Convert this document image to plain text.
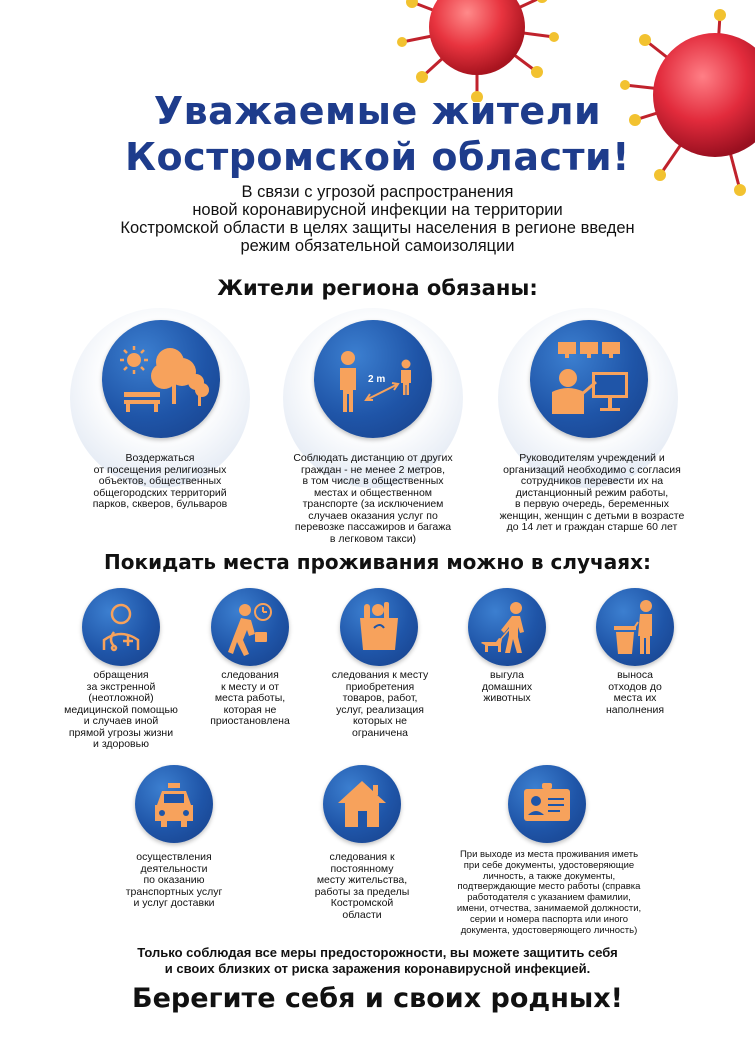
Уважаемые жители
Костромской области!
В связи с угрозой распространения
новой коронавирусной инфекции на территории
Костромской области в целях защиты населения в регионе введен
режим обязательной самоизоляции
Жители региона обязаны:
Воздержаться
от посещения религиозных
объектов, общественных
общегородских территорий
парков, скверов, бульваров
2 m
Соблюдать дистанцию от других
граждан - не менее 2 метров,
в том числе в общественных
местах и общественном
транспорте (за исключением
случаев оказания услуг по
перевозке пассажиров и багажа
в легковом такси)
Руководителям учреждений и
организаций необходимо с согласия
сотрудников перевести их на
дистанционный режим работы,
в первую очередь, беременных
женщин, женщин с детьми в возрасте
до 14 лет и граждан старше 60 лет
Покидать места проживания можно в случаях:
обращения
за экстренной
(неотложной)
медицинской помощью
и случаев иной
прямой угрозы жизни
и здоровью
следования
к месту и от
места работы,
которая не
приостановлена
следования к месту
приобретения
товаров, работ,
услуг, реализация
которых не
ограничена
выгула
домашних
животных
выноса
отходов до
места их
наполнения
осуществления
деятельности
по оказанию
транспортных услуг
и услуг доставки
следования к
постоянному
месту жительства,
работы за пределы
Костромской
области
При выходе из места проживания иметь
при себе документы, удостоверяющие
личность, а также документы,
подтверждающие место работы (справка
работодателя с указанием фамилии,
имени, отчества, занимаемой должности,
серии и номера паспорта или иного
документа, удостоверяющего личность)
Только соблюдая все меры предосторожности, вы можете защитить себя
и своих близких от риска заражения коронавирусной инфекцией.
Берегите себя и своих родных!
